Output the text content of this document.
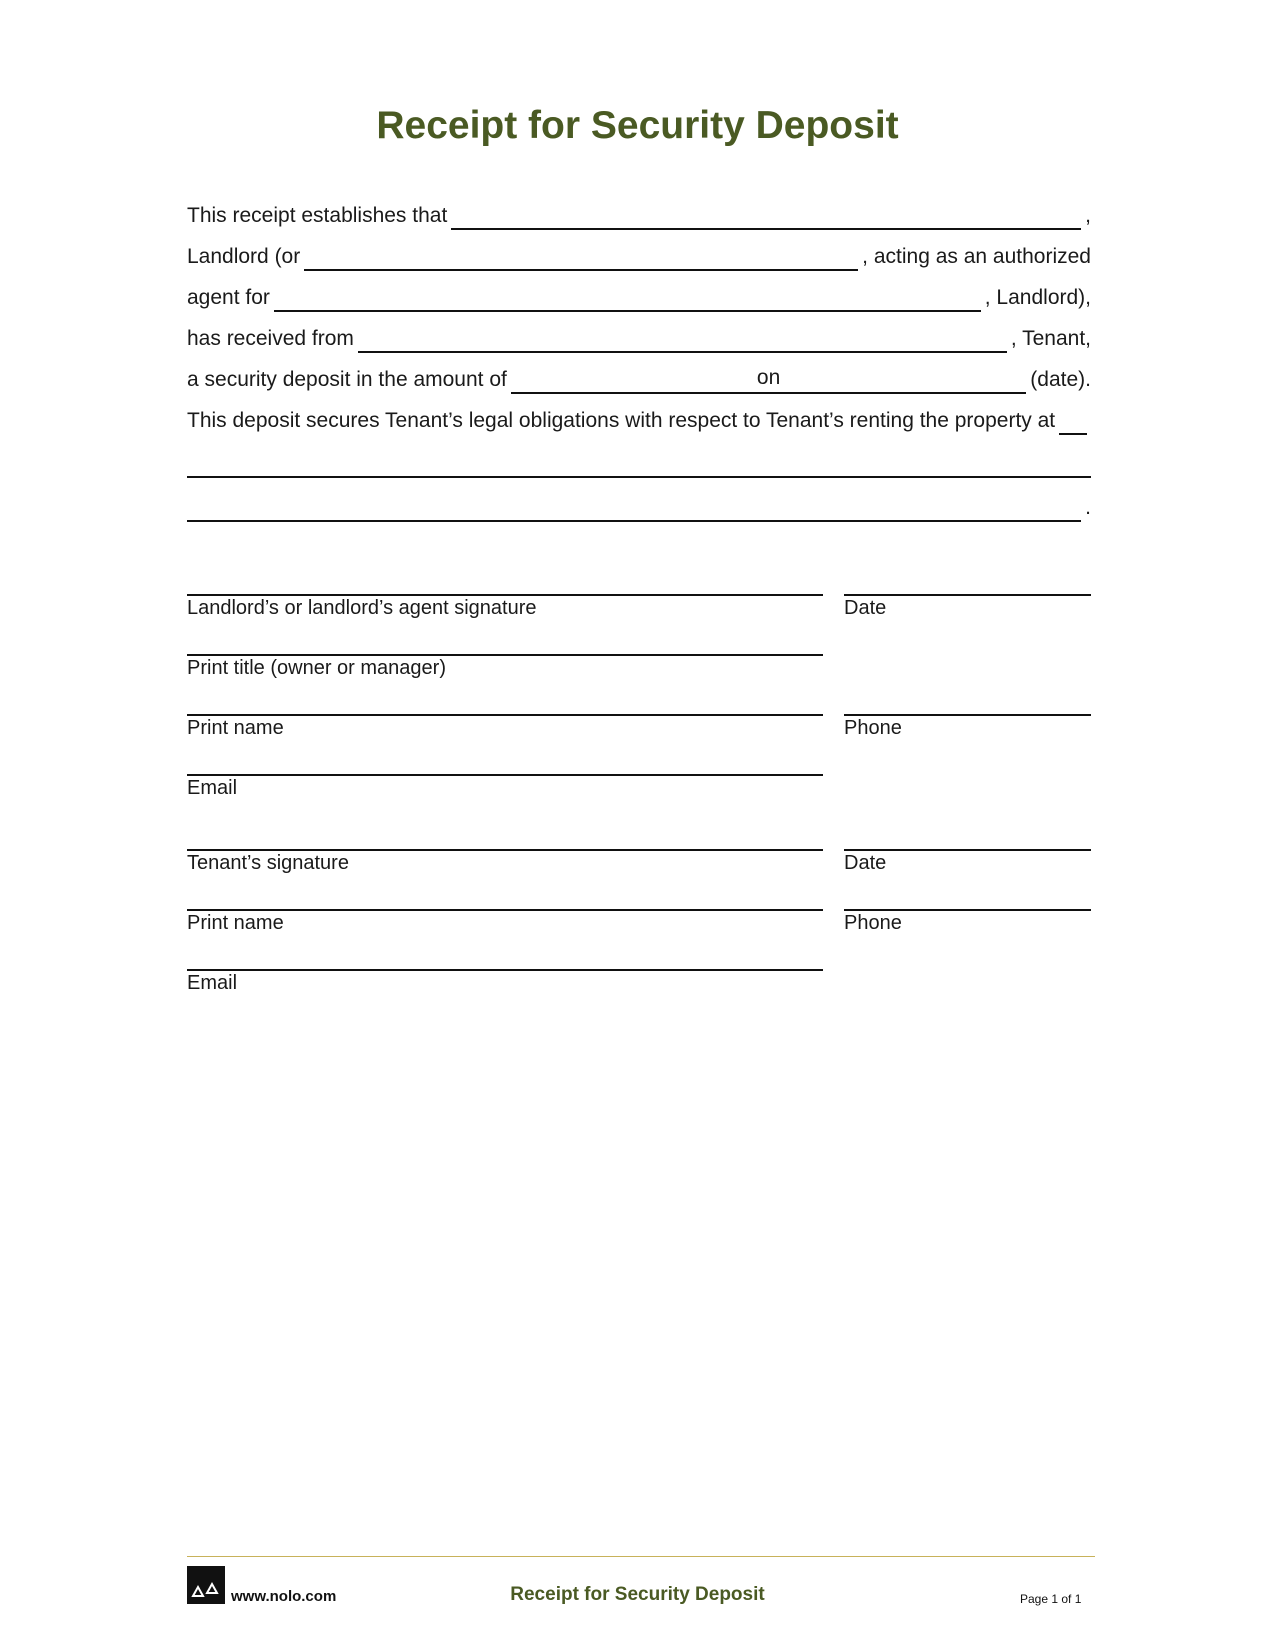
Receipt for Security Deposit
This receipt establishes that	,
Landlord (or	, acting as an authorized
agent for	, Landlord),
has received from	, Tenant,
a security deposit in the amount of	on	(date).
This deposit secures Tenant’s legal obligations with respect to Tenant’s renting the property at
.
Landlord’s or landlord’s agent signature	Date
Print title (owner or manager)
Print name	Phone
Email
Tenant’s signature	Date
Print name	Phone
Email
www.nolo.com	Receipt for Security Deposit	Page 1 of 1
